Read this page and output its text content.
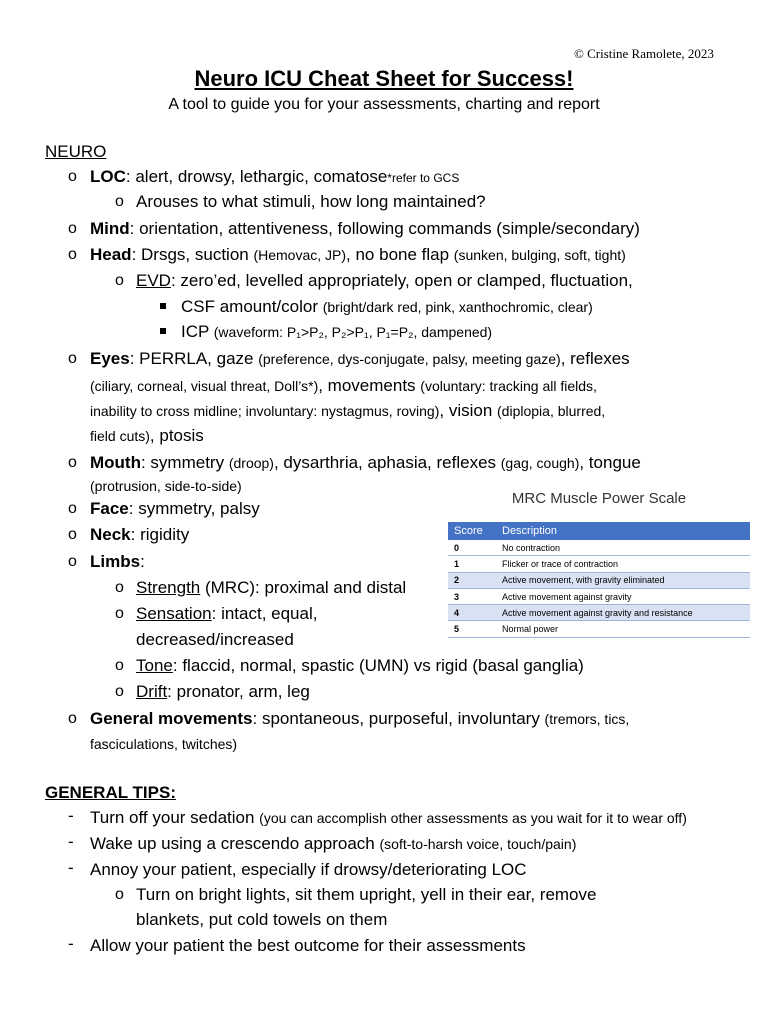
© Cristine Ramolete, 2023
Neuro ICU Cheat Sheet for Success!
A tool to guide you for your assessments, charting and report
NEURO
o LOC: alert, drowsy, lethargic, comatose*refer to GCS
o Arouses to what stimuli, how long maintained?
o Mind: orientation, attentiveness, following commands (simple/secondary)
o Head: Drsgs, suction (Hemovac, JP), no bone flap (sunken, bulging, soft, tight)
o EVD: zero’ed, levelled appropriately, open or clamped, fluctuation,
CSF amount/color (bright/dark red, pink, xanthochromic, clear)
ICP (waveform: P₁>P₂, P₂>P₁, P₁=P₂, dampened)
o Eyes: PERRLA, gaze (preference, dys-conjugate, palsy, meeting gaze), reflexes
(ciliary, corneal, visual threat, Doll’s*), movements (voluntary: tracking all fields,
inability to cross midline; involuntary: nystagmus, roving), vision (diplopia, blurred,
field cuts), ptosis
o Mouth: symmetry (droop), dysarthria, aphasia, reflexes (gag, cough), tongue
(protrusion, side-to-side)
o Face: symmetry, palsy
o Neck: rigidity
o Limbs:
o Strength (MRC): proximal and distal
o Sensation: intact, equal,
decreased/increased
o Tone: flaccid, normal, spastic (UMN) vs rigid (basal ganglia)
o Drift: pronator, arm, leg
o General movements: spontaneous, purposeful, involuntary (tremors, tics,
fasciculations, twitches)
MRC Muscle Power Scale
Score	Description
0	No contraction
1	Flicker or trace of contraction
2	Active movement, with gravity eliminated
3	Active movement against gravity
4	Active movement against gravity and resistance
5	Normal power
GENERAL TIPS:
- Turn off your sedation (you can accomplish other assessments as you wait for it to wear off)
- Wake up using a crescendo approach (soft-to-harsh voice, touch/pain)
- Annoy your patient, especially if drowsy/deteriorating LOC
o Turn on bright lights, sit them upright, yell in their ear, remove
blankets, put cold towels on them
- Allow your patient the best outcome for their assessments
